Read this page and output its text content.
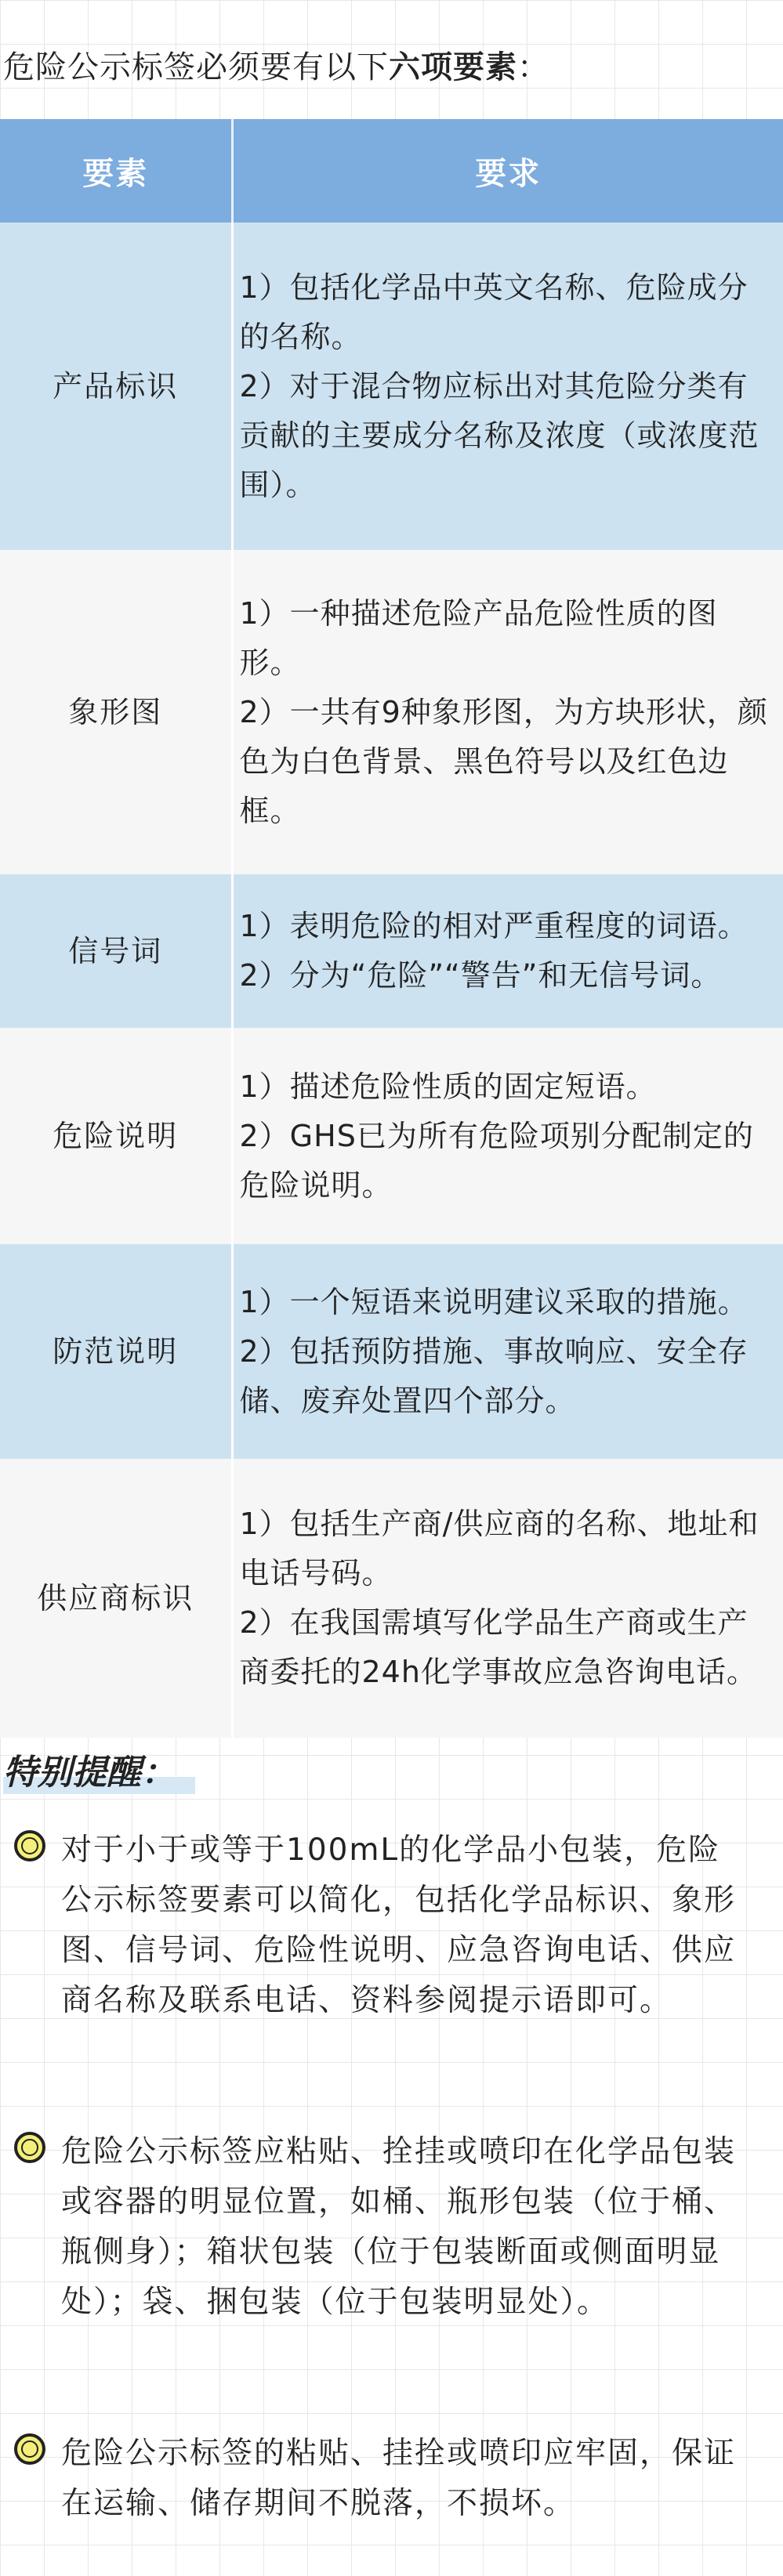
危险公示标签必须要有以下六项要素：
要素	要求
产品标识	1）包括化学品中英文名称、危险成分的名称。

2）对于混合物应标出对其危险分类有贡献的主要成分名称及浓度（或浓度范围）。

象形图	1）一种描述危险产品危险性质的图形。

2）一共有9种象形图，为方块形状，颜色为白色背景、黑色符号以及红色边框。

信号词	1）表明危险的相对严重程度的词语。

2）分为“危险”“警告”和无信号词。

危险说明	1）描述危险性质的固定短语。

2）GHS已为所有危险项别分配制定的危险说明。

防范说明	1）一个短语来说明建议采取的措施。

2）包括预防措施、事故响应、安全存储、废弃处置四个部分。

供应商标识	1）包括生产商/供应商的名称、地址和电话号码。

2）在我国需填写化学品生产商或生产商委托的24h化学事故应急咨询电话。

特别提醒：
对于小于或等于100mL的化学品小包装，危险公示标签要素可以简化，包括化学品标识、象形图、信号词、危险性说明、应急咨询电话、供应商名称及联系电话、资料参阅提示语即可。
危险公示标签应粘贴、拴挂或喷印在化学品包装或容器的明显位置，如桶、瓶形包装（位于桶、瓶侧身）；箱状包装（位于包装断面或侧面明显处）；袋、捆包装（位于包装明显处）。
危险公示标签的粘贴、挂拴或喷印应牢固，保证在运输、储存期间不脱落，不损坏。
